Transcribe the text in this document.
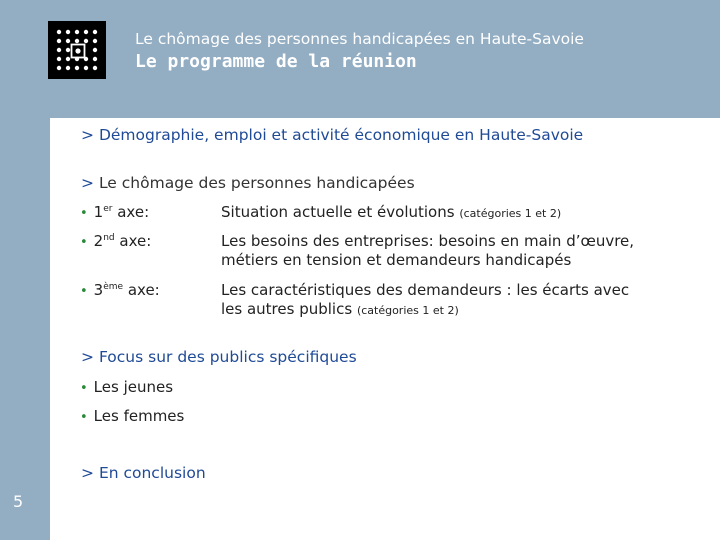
Le chômage des personnes handicapées en Haute-Savoie
Le programme de la réunion
> Démographie, emploi et activité économique en Haute-Savoie
> Le chômage des personnes handicapées
• 1er axe:	Situation actuelle et évolutions (catégories 1 et 2)
• 2nd axe:	Les besoins des entreprises: besoins en main d’œuvre,
métiers en tension et demandeurs handicapés
• 3ème axe:	Les caractéristiques des demandeurs : les écarts avec
les autres publics (catégories 1 et 2)
> Focus sur des publics spécifiques
• Les jeunes
• Les femmes
> En conclusion
5
